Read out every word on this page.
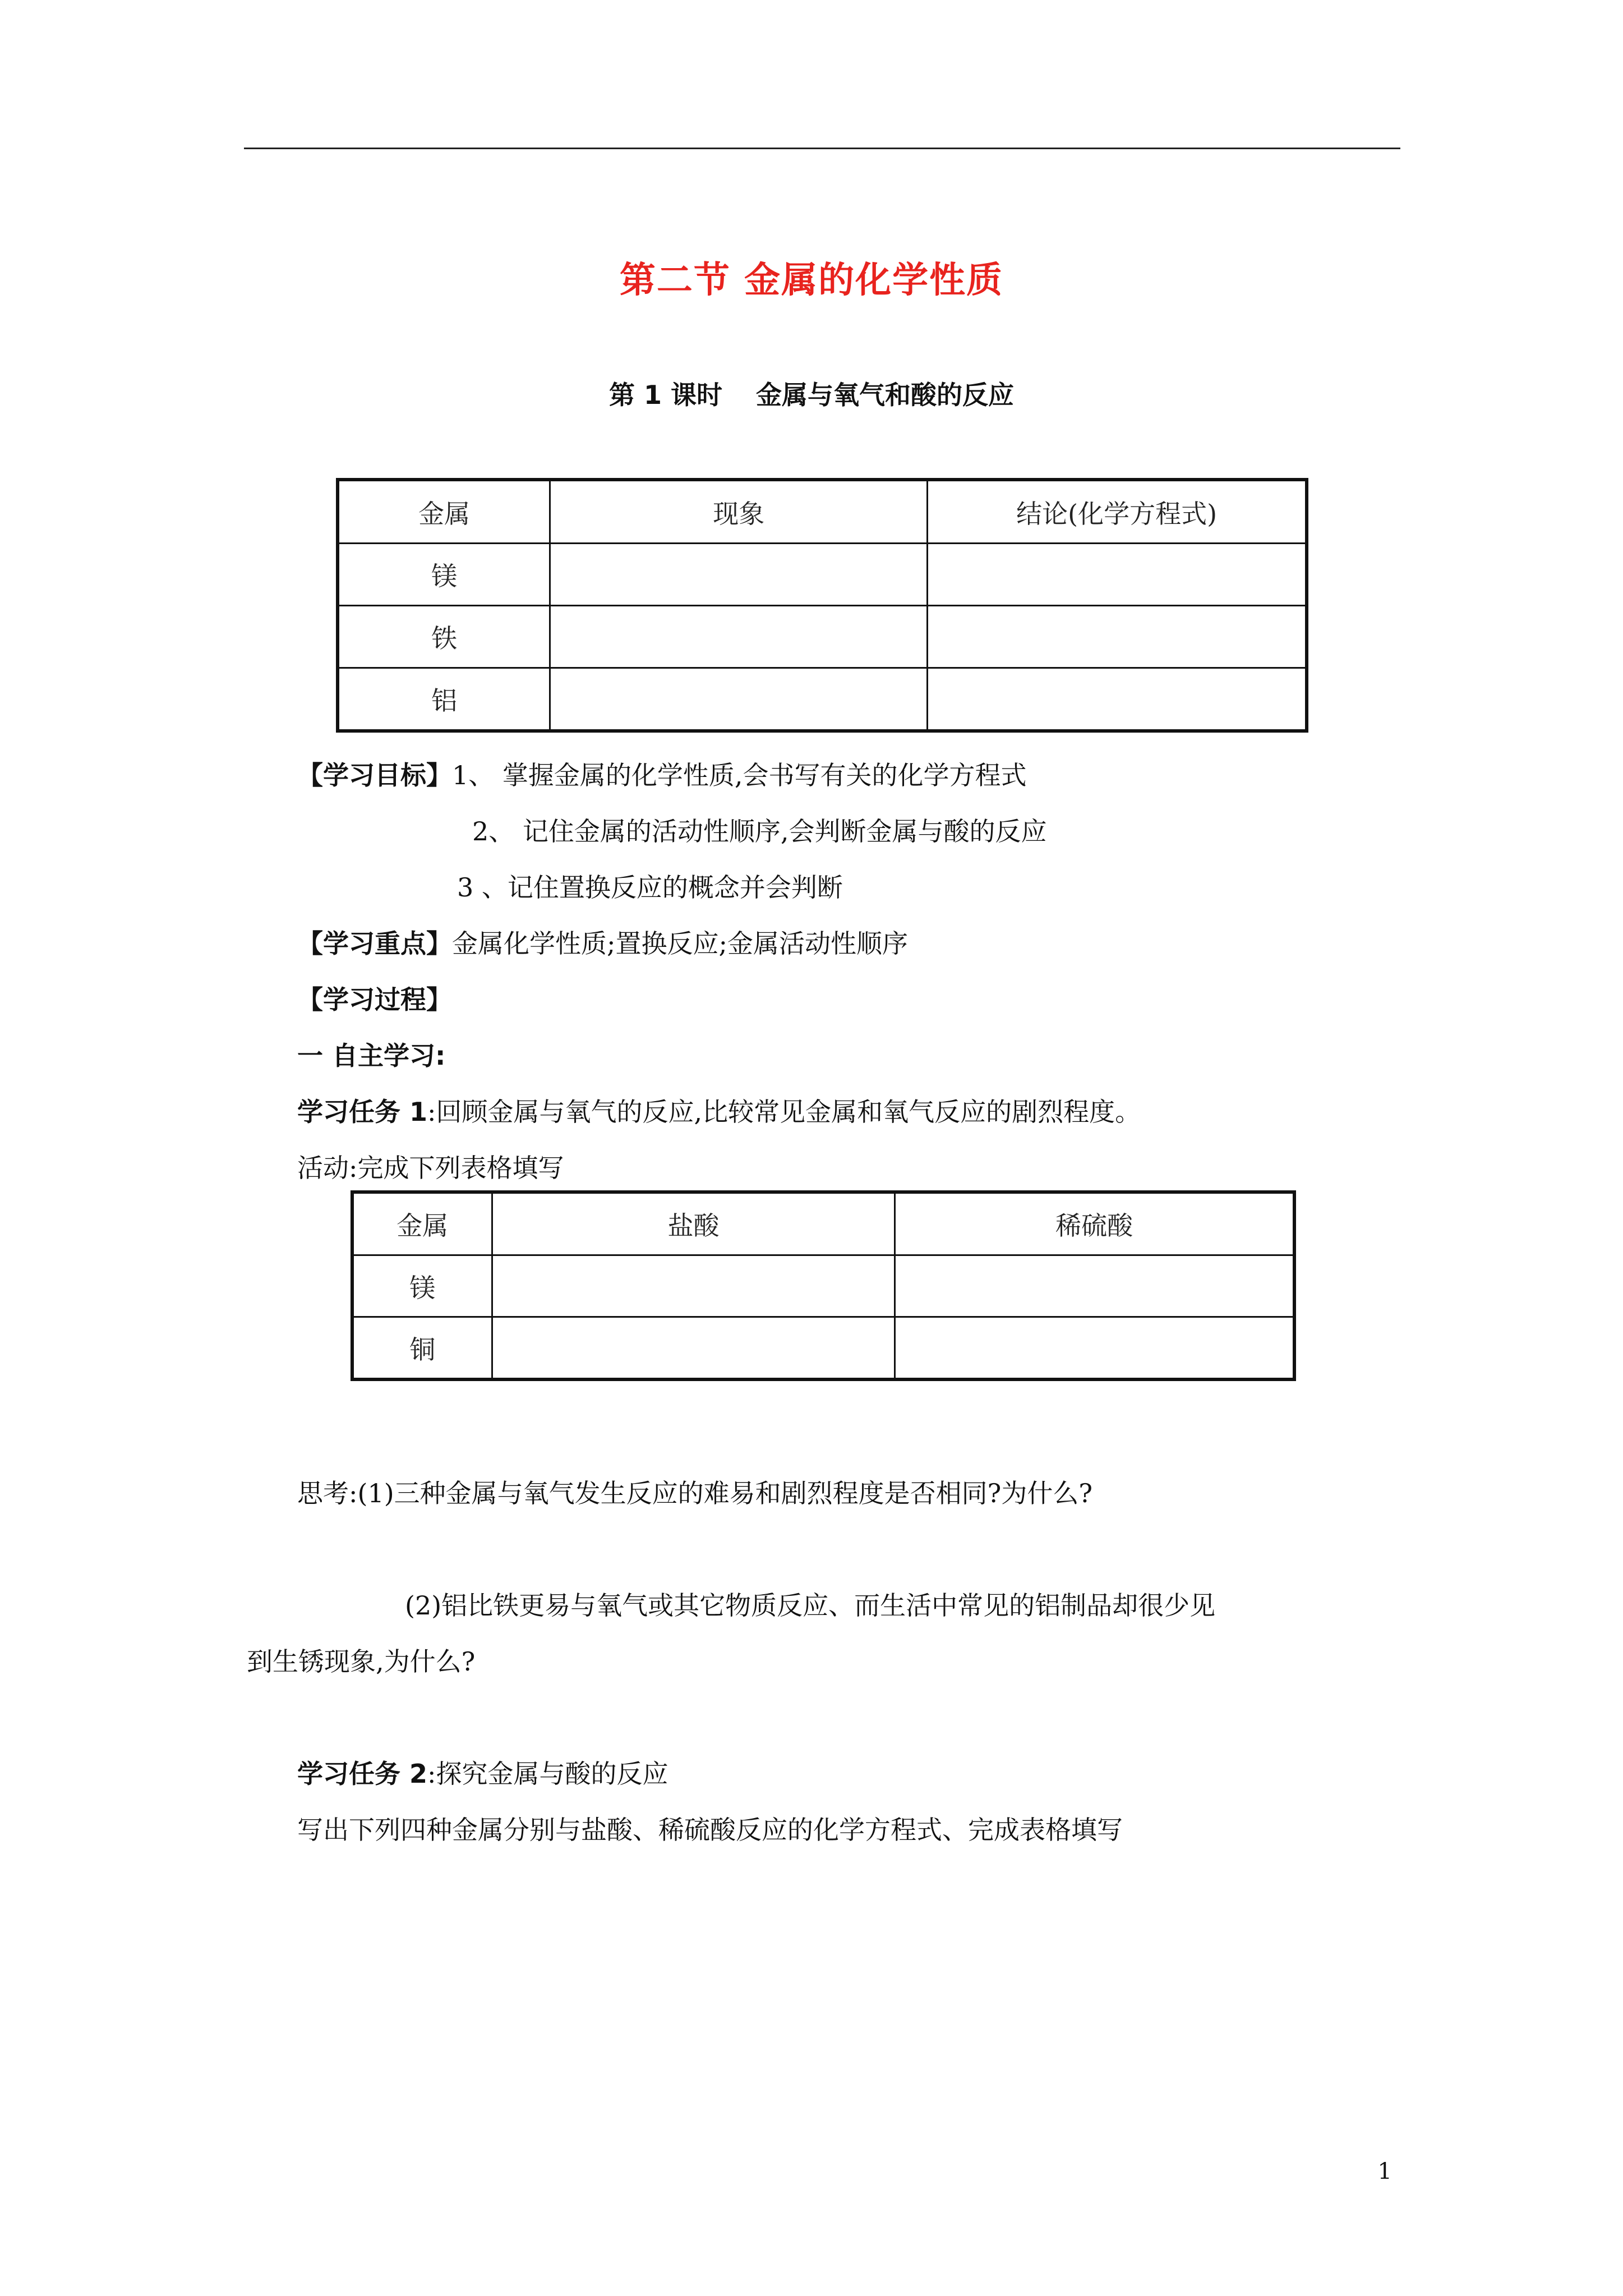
第二节 金属的化学性质
第 1 课时 金属与氧气和酸的反应
金属	现象	结论(化学方程式)
镁		
铁		
铝		
【学习目标】1、 掌握金属的化学性质,会书写有关的化学方程式
2、 记住金属的活动性顺序,会判断金属与酸的反应
3 、记住置换反应的概念并会判断
【学习重点】金属化学性质;置换反应;金属活动性顺序
【学习过程】
一 自主学习:
学习任务 1:回顾金属与氧气的反应,比较常见金属和氧气反应的剧烈程度。
活动:完成下列表格填写
金属	盐酸	稀硫酸
镁		
铜		
思考:(1)三种金属与氧气发生反应的难易和剧烈程度是否相同?为什么?
(2)铝比铁更易与氧气或其它物质反应、而生活中常见的铝制品却很少见
到生锈现象,为什么?
学习任务 2:探究金属与酸的反应
写出下列四种金属分别与盐酸、稀硫酸反应的化学方程式、完成表格填写
1
